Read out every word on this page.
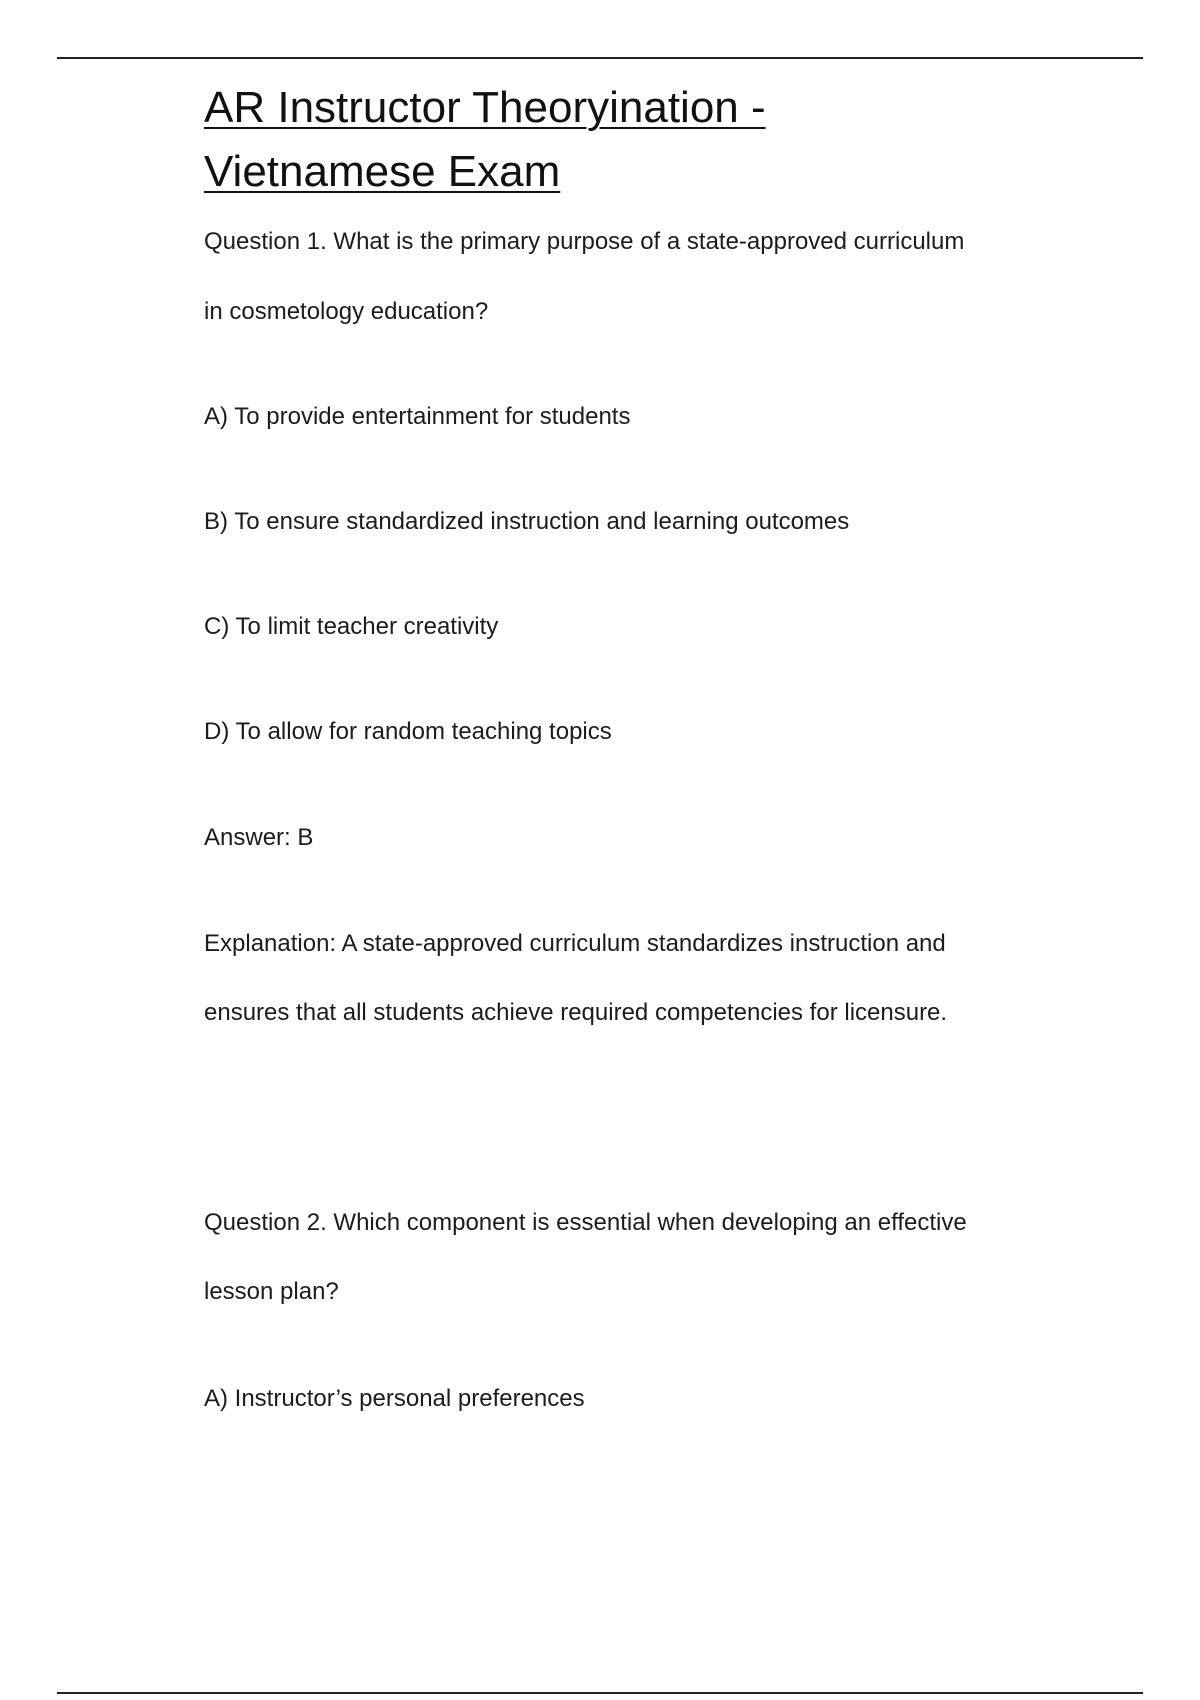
AR Instructor Theoryination -
Vietnamese Exam

Question 1. What is the primary purpose of a state-approved curriculum

in cosmetology education?

A) To provide entertainment for students

B) To ensure standardized instruction and learning outcomes

C) To limit teacher creativity

D) To allow for random teaching topics

Answer: B

Explanation: A state-approved curriculum standardizes instruction and

ensures that all students achieve required competencies for licensure.

Question 2. Which component is essential when developing an effective

lesson plan?

A) Instructor’s personal preferences
